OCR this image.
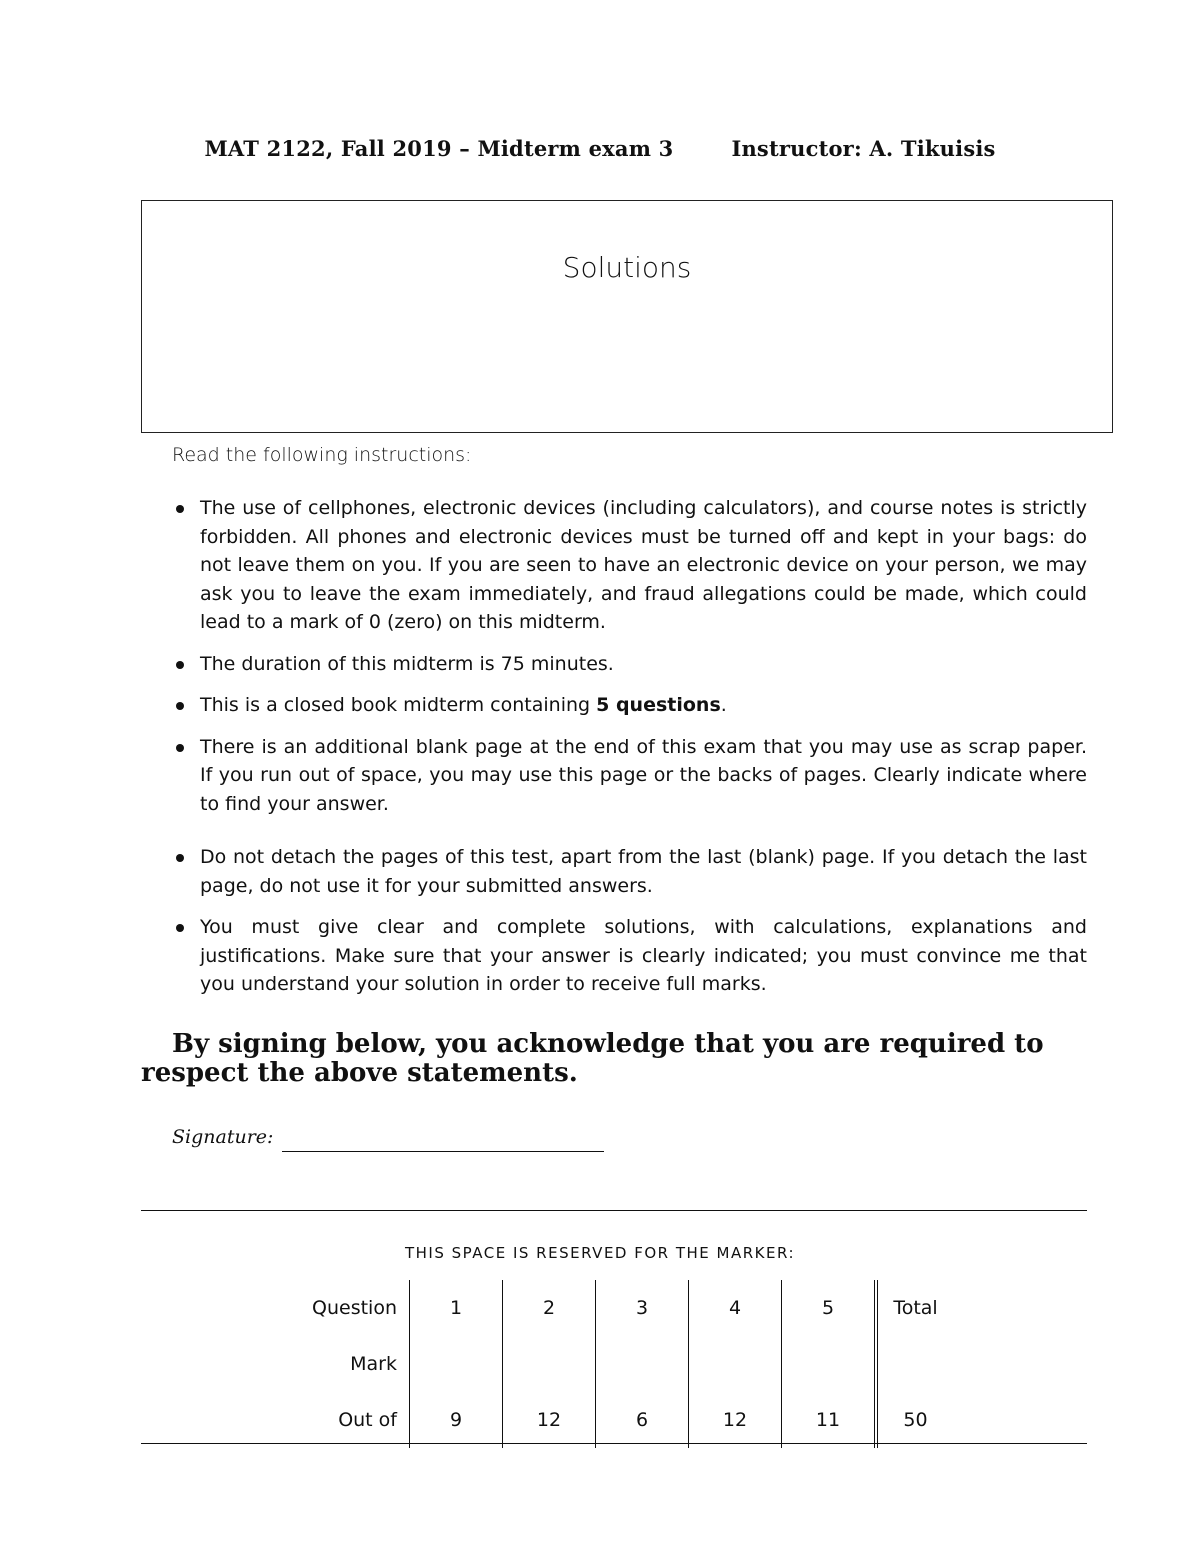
MAT 2122, Fall 2019 – Midterm exam 3	Instructor: A. Tikuisis
Solutions
Read the following instructions:
The use of cellphones, electronic devices (including calculators), and course notes is strictly forbidden. All phones and electronic devices must be turned off and kept in your bags: do not leave them on you. If you are seen to have an electronic device on your person, we may ask you to leave the exam immediately, and fraud allegations could be made, which could lead to a mark of 0 (zero) on this midterm.
The duration of this midterm is 75 minutes.
This is a closed book midterm containing 5 questions.
There is an additional blank page at the end of this exam that you may use as scrap paper. If you run out of space, you may use this page or the backs of pages. Clearly indicate where to find your answer.
Do not detach the pages of this test, apart from the last (blank) page. If you detach the last page, do not use it for your submitted answers.
You must give clear and complete solutions, with calculations, explanations and justifications. Make sure that your answer is clearly indicated; you must convince me that you understand your solution in order to receive full marks.
By signing below, you acknowledge that you are required to respect the above statements.
Signature:
THIS SPACE IS RESERVED FOR THE MARKER:
Question	1	2	3	4	5	Total
Mark						
Out of	9	12	6	12	11	50
